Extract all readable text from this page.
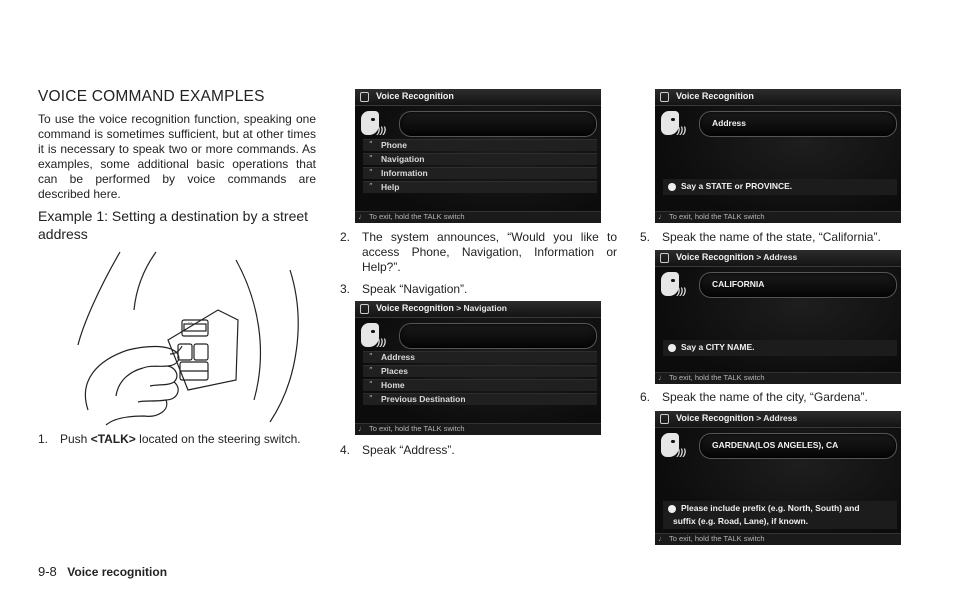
VOICE COMMAND EXAMPLES
To use the voice recognition function, speaking one command is sometimes sufficient, but at other times it is necessary to speak two or more commands. As examples, some additional basic operations that can be performed by voice commands are described here.
Example 1: Setting a destination by a street address
...
1. Push <TALK> located on the steering switch.
Voice Recognition
)))
″ Phone
″ Navigation
″ Information
″ Help
♩ To exit, hold the TALK switch
2. The system announces, “Would you like to access Phone, Navigation, Information or Help?”.
3. Speak “Navigation”.
Voice Recognition > Navigation
)))
″ Address
″ Places
″ Home
″ Previous Destination
♩ To exit, hold the TALK switch
4. Speak “Address”.
Voice Recognition
)))
Address
Say a STATE or PROVINCE.
♩ To exit, hold the TALK switch
5. Speak the name of the state, “California”.
Voice Recognition > Address
)))
CALIFORNIA
Say a CITY NAME.
♩ To exit, hold the TALK switch
6. Speak the name of the city, “Gardena”.
Voice Recognition > Address
)))
GARDENA(LOS ANGELES), CA
Please include prefix (e.g. North, South) and
suffix (e.g. Road, Lane), if known.
♩ To exit, hold the TALK switch
9-8 Voice recognition
